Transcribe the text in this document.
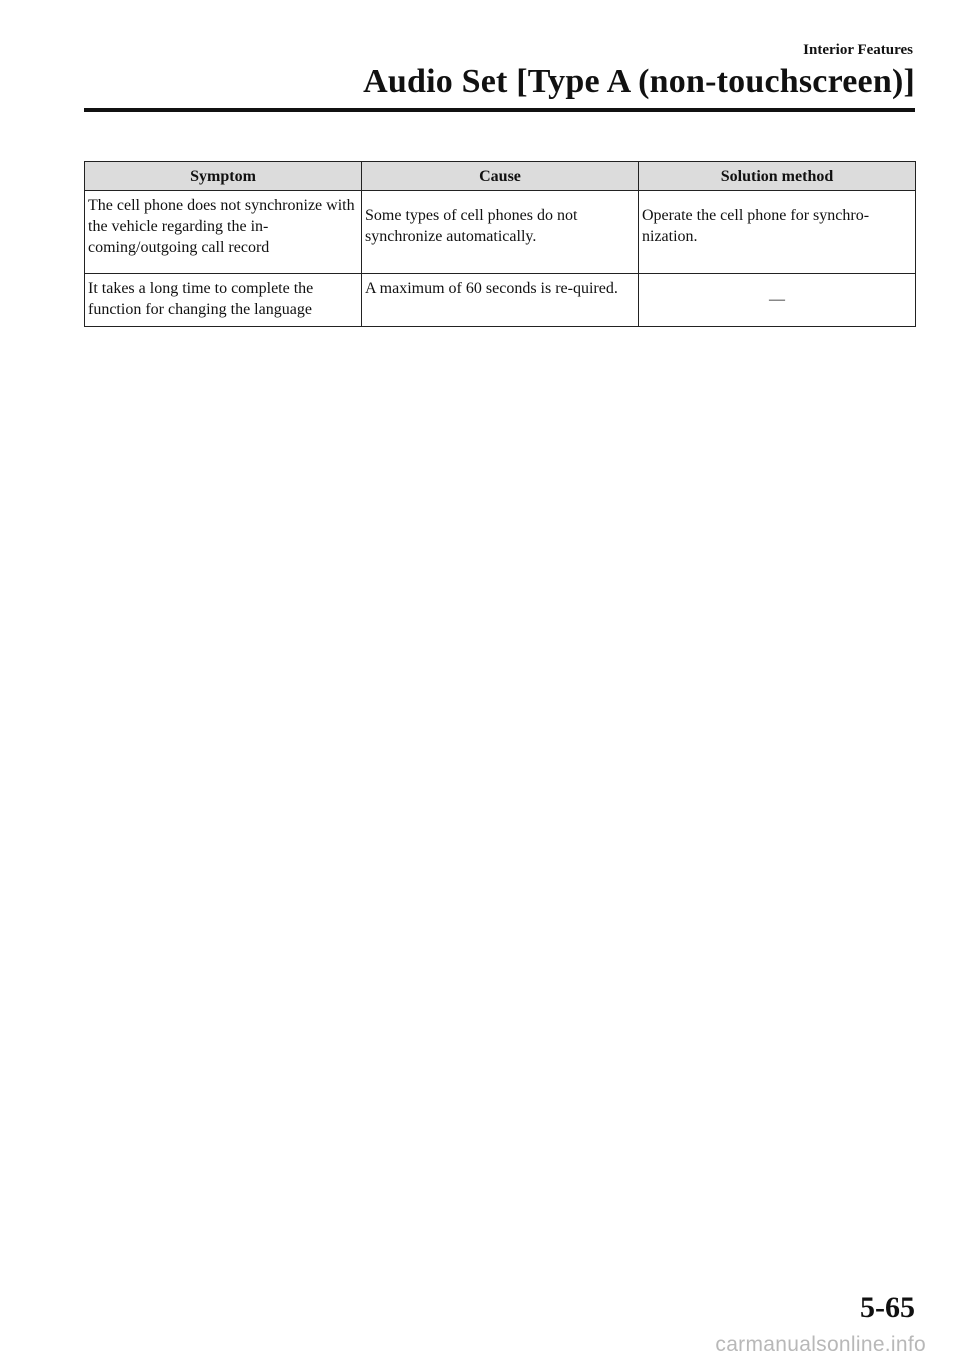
Interior Features
Audio Set [Type A (non-touchscreen)]
Symptom	Cause	Solution method
The cell phone does not synchronize with the vehicle regarding the in-coming/outgoing call record	Some types of cell phones do not synchronize automatically.	Operate the cell phone for synchro-nization.
It takes a long time to complete the function for changing the language	A maximum of 60 seconds is re-quired.	—
5-65
carmanualsonline.info
